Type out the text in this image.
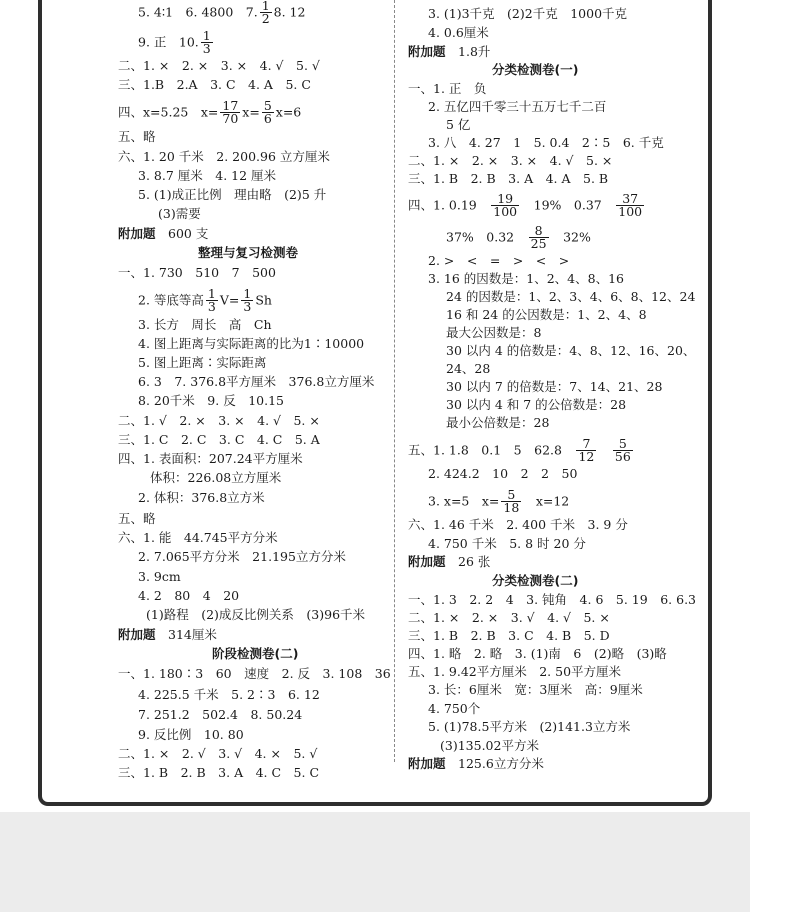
5. 4∶1　6. 4800　7. $\frac{1}{2} 8$. 12
9. 正　10. $\frac{1}{3}$
二、1. ×　2. ×　3. ×　4. √　5. √
三、1.B　2.A　3. C　4. A　5. C
四、x=5.25　$x= \frac{17}{70} x= \frac{5}{6} x=6$
五、略
六、1. 20 千米　2. 200.96 立方厘米
3. 8.7 厘米　4. 12 厘米
5. (1)成正比例　理由略　(2)5 升
(3)需要
附加题　 600 支
整理与复习检测卷
一、1. 730　510　7　500
2. 等底等高 $\frac{1}{3} V= \frac{1}{3}$ Sh
3. 长方　周长　高　Ch
4. 图上距离与实际距离的比为1∶10000
5. 图上距离∶实际距离
6. 3　7. 376.8平方厘米　376.8立方厘米
8. 20千米　9. 反　10.15
二、1. √　2. ×　3. ×　4. √　5. ×
三、1. C　2. C　3. C　4. C　5. A
四、1. 表面积：207.24平方厘米
体积：226.08立方厘米
2. 体积：376.8立方米
五、略
六、1. 能　44.745平方分米
2. 7.065平方分米　21.195立方分米
3. 9cm
4. 2　80　4　20
(1)路程　(2)成反比例关系　(3)96千米
附加题　 314厘米
阶段检测卷(二)
一、1. 180∶3　60　速度　2. 反　3. 108　36
4. 225.5 千米　5. 2∶3　6. 12
7. 251.2　502.4　8. 50.24
9. 反比例　10. 80
二、1. ×　2. √　3. √　4. ×　5. √
三、1. B　2. B　3. A　4. C　5. C
3. (1)3千克　(2)2千克　1000千克
4. 0.6厘米
附加题　 1.8升
分类检测卷(一)
一、1. 正　负
2. 五亿四千零三十五万七千二百
5 亿
3. 八　4. 27　1　5. 0.4　2∶5　6. 千克
二、1. ×　2. ×　3. ×　4. √　5. ×
三、1. B　2. B　3. A　4. A　5. B
四、1. 0.19　 $\frac{19}{100}$
　 19%　0.37　 $\frac{37}{100}$
37%　0.32　 $\frac{8}{25}$
　 32%
2. >　<　=　>　<　>
3. 16 的因数是：1、2、4、8、16
24 的因数是：1、2、3、4、6、8、12、24
16 和 24 的公因数是：1、2、4、8
最大公因数是：8
30 以内 4 的倍数是：4、8、12、16、20、
24、28
30 以内 7 的倍数是：7、14、21、28
30 以内 4 和 7 的公倍数是：28
最小公倍数是：28
五、1. 1.8　0.1　5　62.8　 $\frac{7}{12}$
　 $\frac{5}{56}$
2. 424.2　10　2　2　50
3. x=5　$x= \frac{5}{18}$
　 x=12
六、1. 46 千米　2. 400 千米　3. 9 分
4. 750 千米　5. 8 时 20 分
附加题　 26 张
分类检测卷(二)
一、1. 3　2. 2　4　3. 钝角　4. 6　5. 19　6. 6.3
二、1. ×　2. ×　3. √　4. √　5. ×
三、1. B　2. B　3. C　4. B　5. D
四、1. 略　2. 略　3. (1)南　6　(2)略　(3)略
五、1. 9.42平方厘米　2. 50平方厘米
3. 长：6厘米　宽：3厘米　高：9厘米
4. 750个
5. (1)78.5平方米　(2)141.3立方米
(3)135.02平方米
附加题　 125.6立方分米
